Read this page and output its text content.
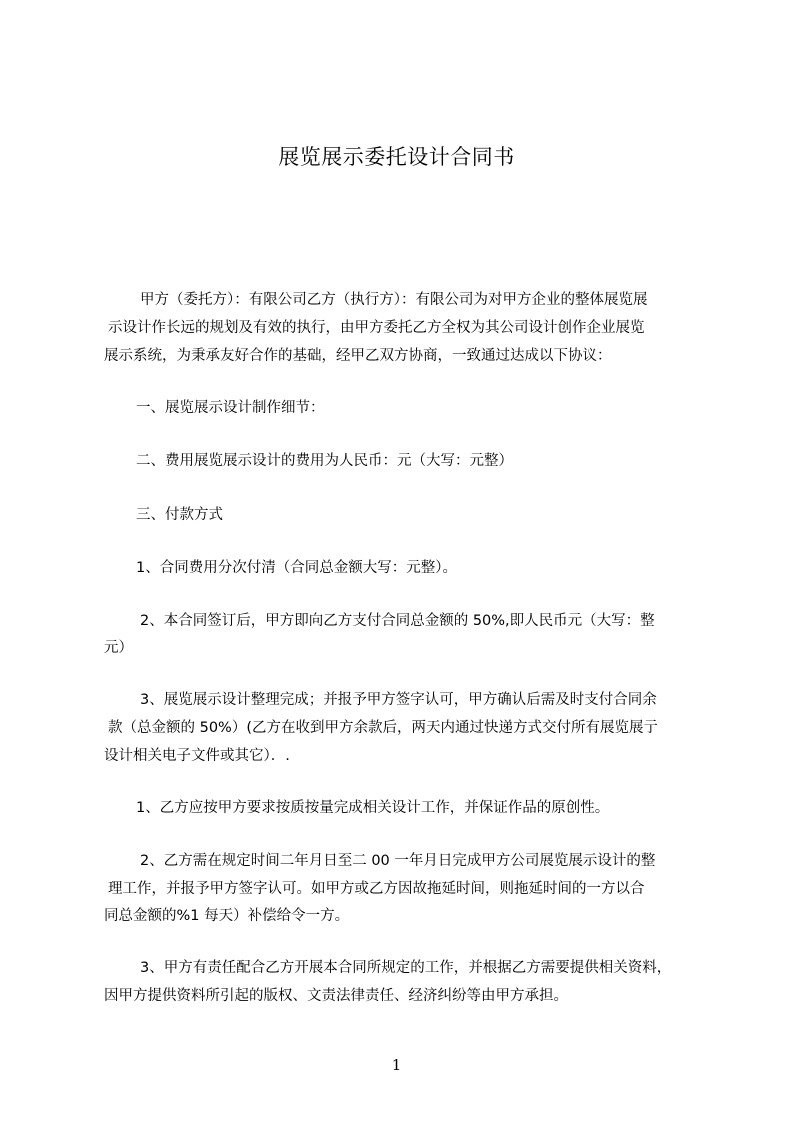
展览展示委托设计合同书
甲方（委托方）：有限公司乙方（执行方）：有限公司为对甲方企业的整体展览展
示设计作长远的规划及有效的执行，由甲方委托乙方全权为其公司设计创作企业展览
展示系统，为秉承友好合作的基础，经甲乙双方协商，一致通过达成以下协议：
一、展览展示设计制作细节：
二、费用展览展示设计的费用为人民币：元（大写：元整）
三、付款方式
1、合同费用分次付清（合同总金额大写：元整）。
2、本合同签订后，甲方即向乙方支付合同总金额的 50%,即人民币元（大写：整
元）
3、展览展示设计整理完成；并报予甲方签字认可，甲方确认后需及时支付合同余
款（总金额的 50%）(乙方在收到甲方余款后，两天内通过快递方式交付所有展览展亍
设计相关电子文件或其它）．.
1、乙方应按甲方要求按质按量完成相关设计工作，并保证作品的原创性。
2、乙方需在规定时间二年月日至二 00 一年月日完成甲方公司展览展示设计的整
理工作，并报予甲方签字认可。如甲方或乙方因故拖延时间，则拖延时间的一方以合
同总金额的%1 每天）补偿给令一方。
3、甲方有责任配合乙方开展本合同所规定的工作，并根据乙方需要提供相关资料，
因甲方提供资料所引起的版权、文责法律责任、经济纠纷等由甲方承担。
1
